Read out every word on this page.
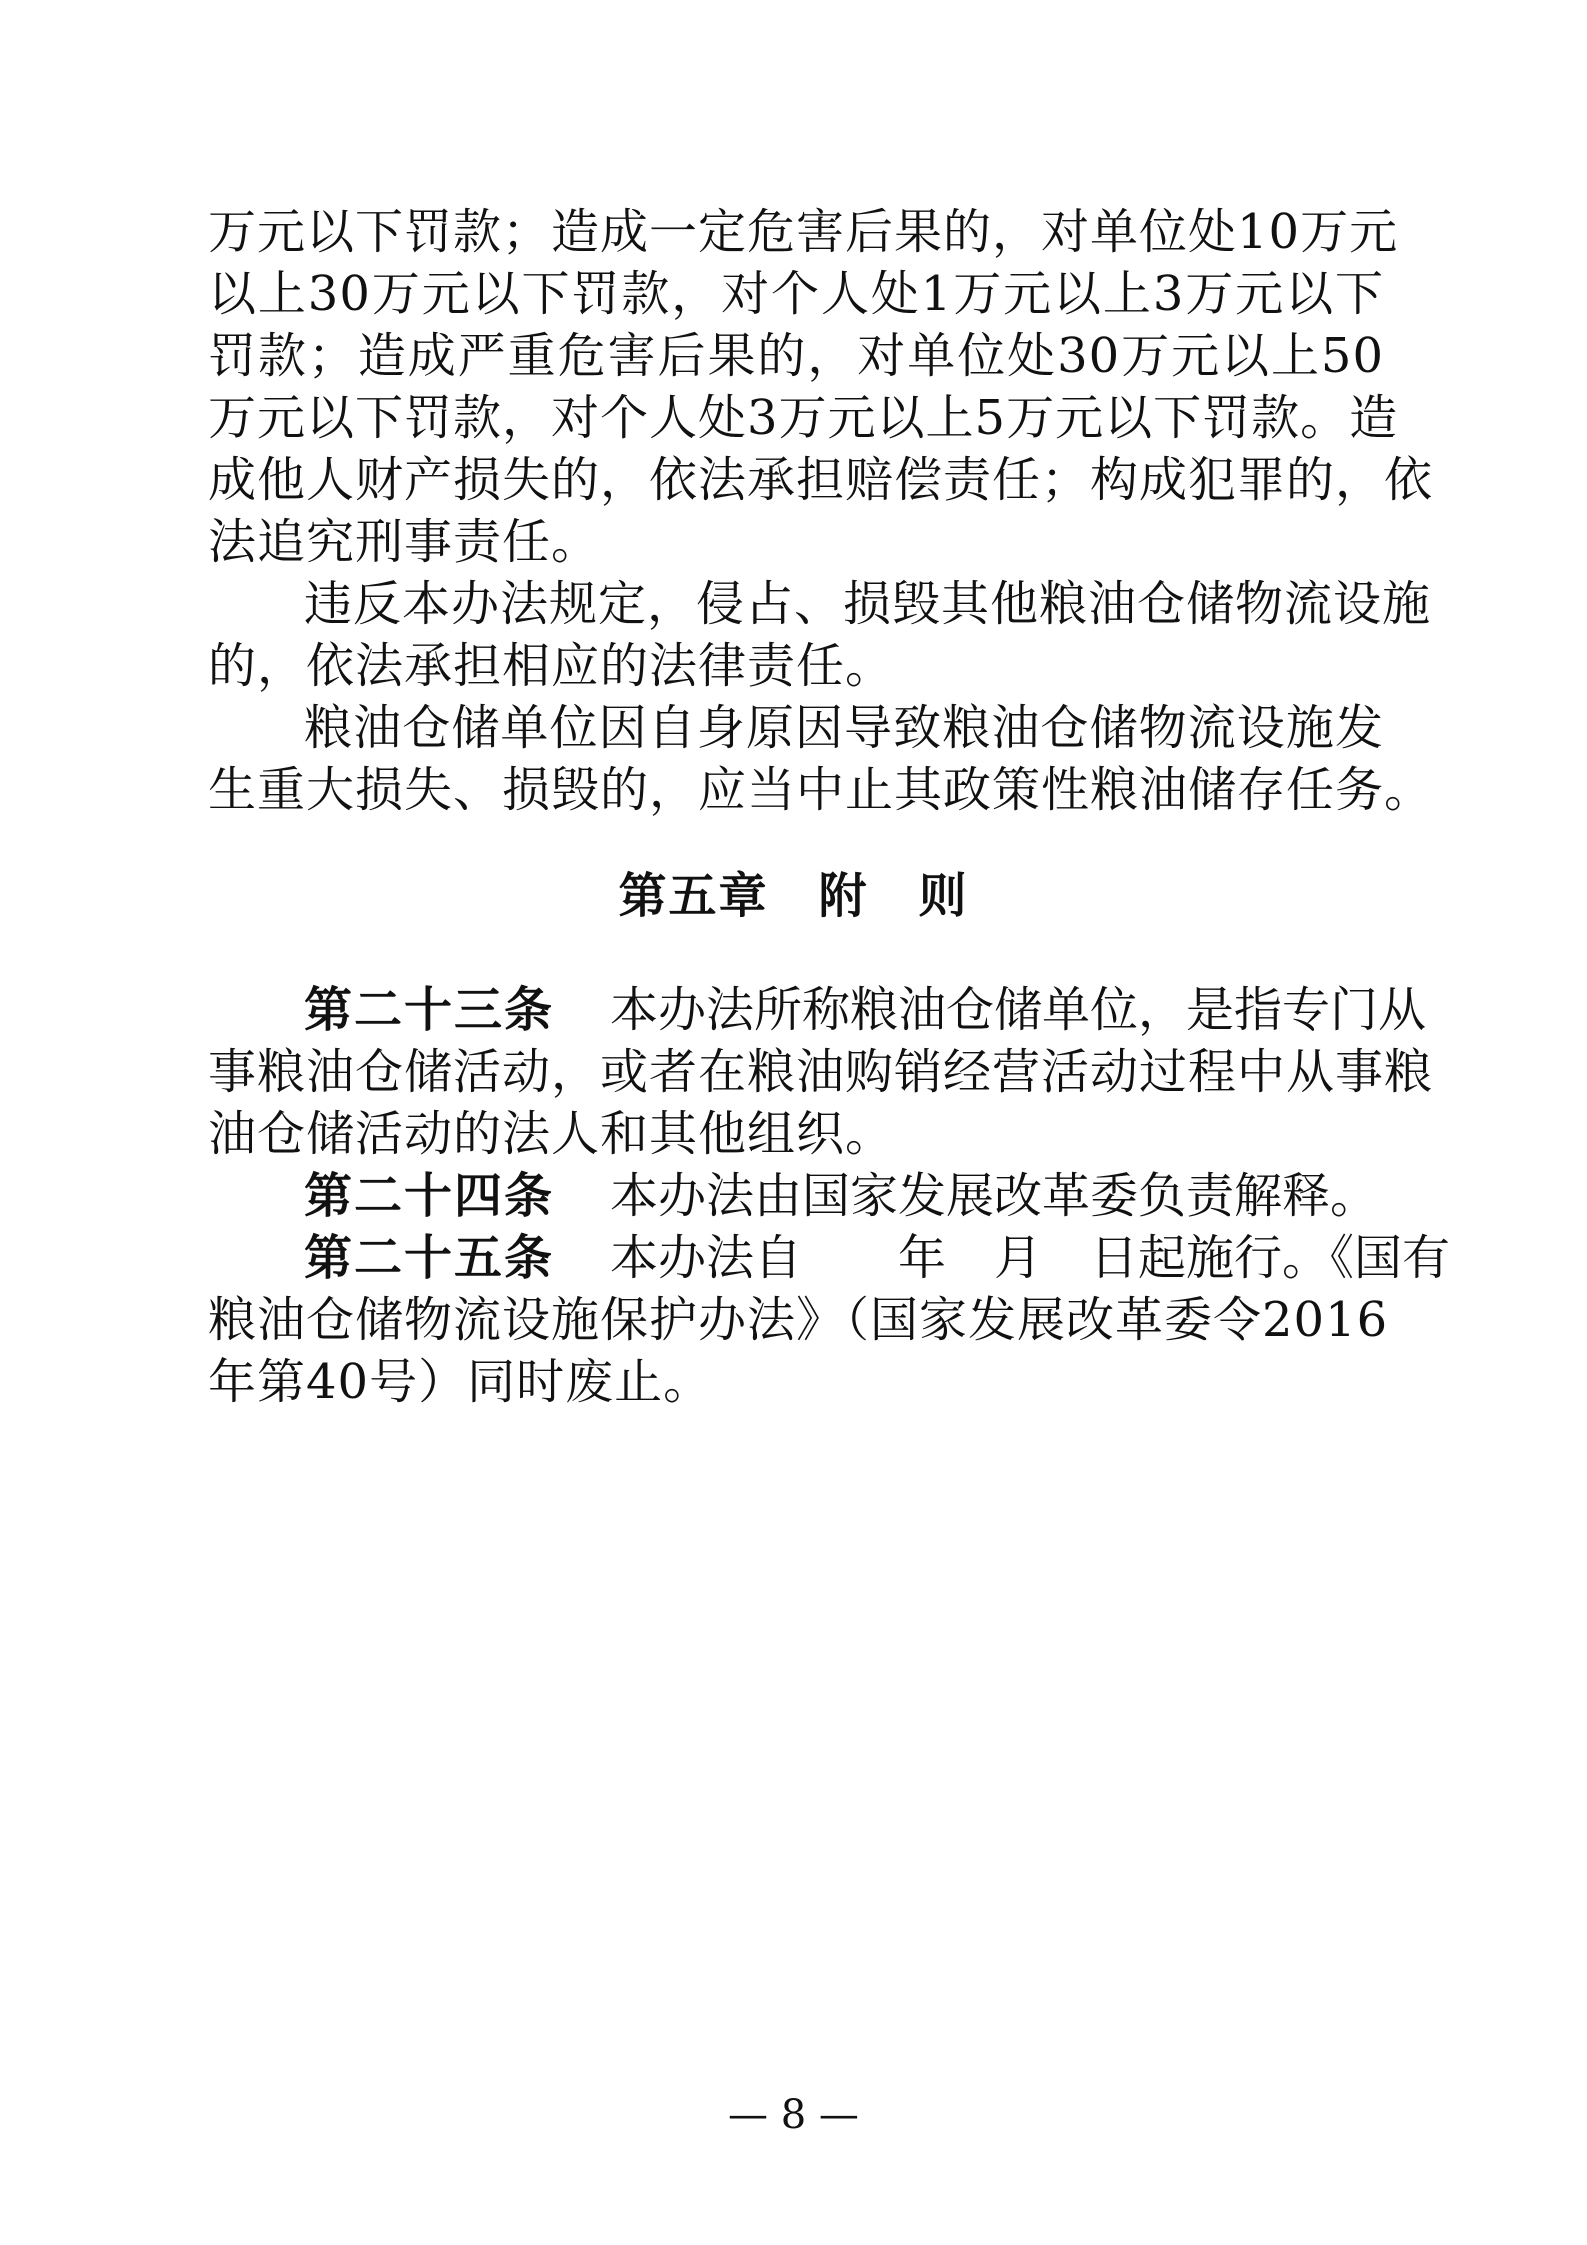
万元以下罚款；造成一定危害后果的，对单位处10万元
以上30万元以下罚款，对个人处1万元以上3万元以下
罚款；造成严重危害后果的，对单位处30万元以上50
万元以下罚款，对个人处3万元以上5万元以下罚款。造
成他人财产损失的，依法承担赔偿责任；构成犯罪的，依
法追究刑事责任。
违反本办法规定，侵占、损毁其他粮油仓储物流设施
的，依法承担相应的法律责任。
粮油仓储单位因自身原因导致粮油仓储物流设施发
生重大损失、损毁的，应当中止其政策性粮油储存任务。
第五章　附　则
第二十三条 本办法所称粮油仓储单位，是指专门从
事粮油仓储活动，或者在粮油购销经营活动过程中从事粮
油仓储活动的法人和其他组织。
第二十四条 本办法由国家发展改革委负责解释。
第二十五条 本办法自　　年　月　日起施行。《国有
粮油仓储物流设施保护办法》（国家发展改革委令2016
年第40号）同时废止。
— 8 —
